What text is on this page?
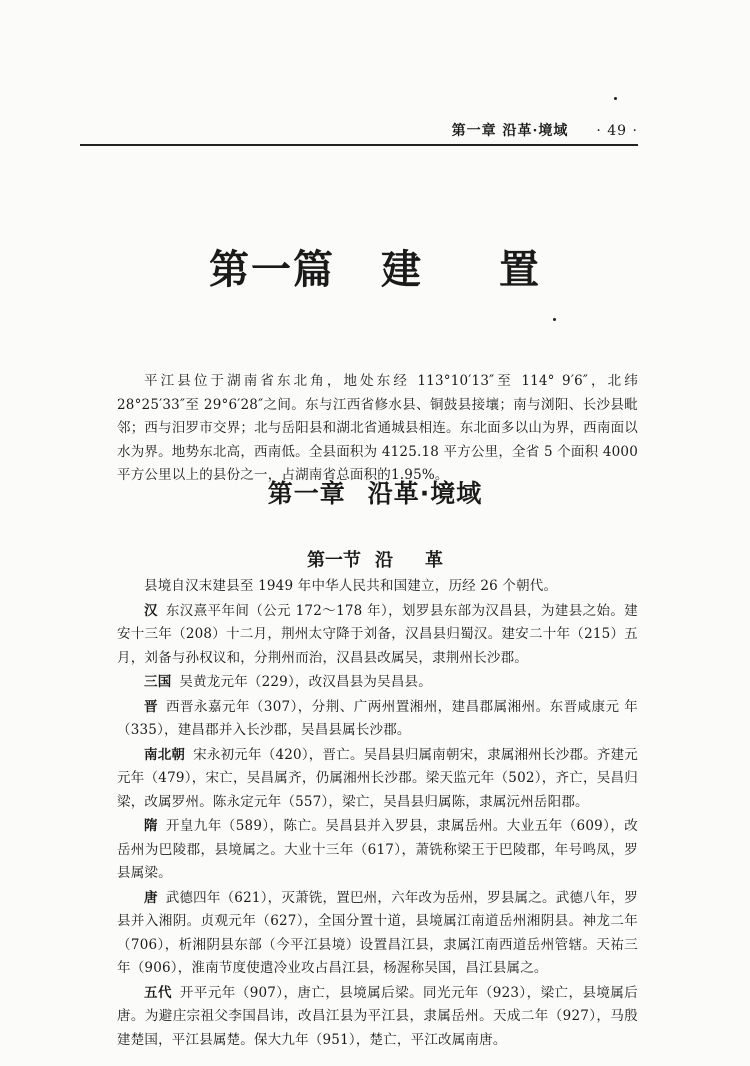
第一章 沿革·境域 · 49 ·
第一篇 建 置

平江县位于湖南省东北角，地处东经 113°10′13″至 114° 9′6″，北纬 28°25′33″至 29°6′28″之间。东与江西省修水县、铜鼓县接壤；南与浏阳、长沙县毗邻；西与汨罗市交界；北与岳阳县和湖北省通城县相连。东北面多以山为界，西南面以水为界。地势东北高，西南低。全县面积为 4125.18 平方公里，全省 5 个面积 4000 平方公里以上的县份之一，占湖南省总面积的1.95%。

第一章 沿革·境域
第一节 沿 革

县境自汉末建县至 1949 年中华人民共和国建立，历经 26 个朝代。

汉 东汉熹平年间（公元 172～178 年），划罗县东部为汉昌县，为建县之始。建安十三年（208）十二月，荆州太守降于刘备，汉昌县归蜀汉。建安二十年（215）五月，刘备与孙权议和，分荆州而治，汉昌县改属吴，隶荆州长沙郡。

三国 吴黄龙元年（229），改汉昌县为吴昌县。

晋 西晋永嘉元年（307），分荆、广两州置湘州，建昌郡属湘州。东晋咸康元 年（335），建昌郡并入长沙郡，吴昌县属长沙郡。

南北朝 宋永初元年（420），晋亡。吴昌县归属南朝宋，隶属湘州长沙郡。齐建元元年（479），宋亡，吴昌属齐，仍属湘州长沙郡。梁天监元年（502），齐亡，吴昌归梁，改属罗州。陈永定元年（557），梁亡，吴昌县归属陈，隶属沅州岳阳郡。

隋 开皇九年（589），陈亡。吴昌县并入罗县，隶属岳州。大业五年（609），改岳州为巴陵郡，县境属之。大业十三年（617），萧铣称梁王于巴陵郡，年号鸣凤，罗县属梁。

唐 武德四年（621），灭萧铣，置巴州，六年改为岳州，罗县属之。武德八年，罗县并入湘阴。贞观元年（627），全国分置十道，县境属江南道岳州湘阴县。神龙二年（706），析湘阴县东部（今平江县境）设置昌江县，隶属江南西道岳州管辖。天祐三年（906），淮南节度使遣冷业攻占昌江县，杨渥称吴国，昌江县属之。

五代 开平元年（907），唐亡，县境属后梁。同光元年（923），梁亡，县境属后唐。为避庄宗祖父李国昌讳，改昌江县为平江县，隶属岳州。天成二年（927），马殷建楚国，平江县属楚。保大九年（951），楚亡，平江改属南唐。
